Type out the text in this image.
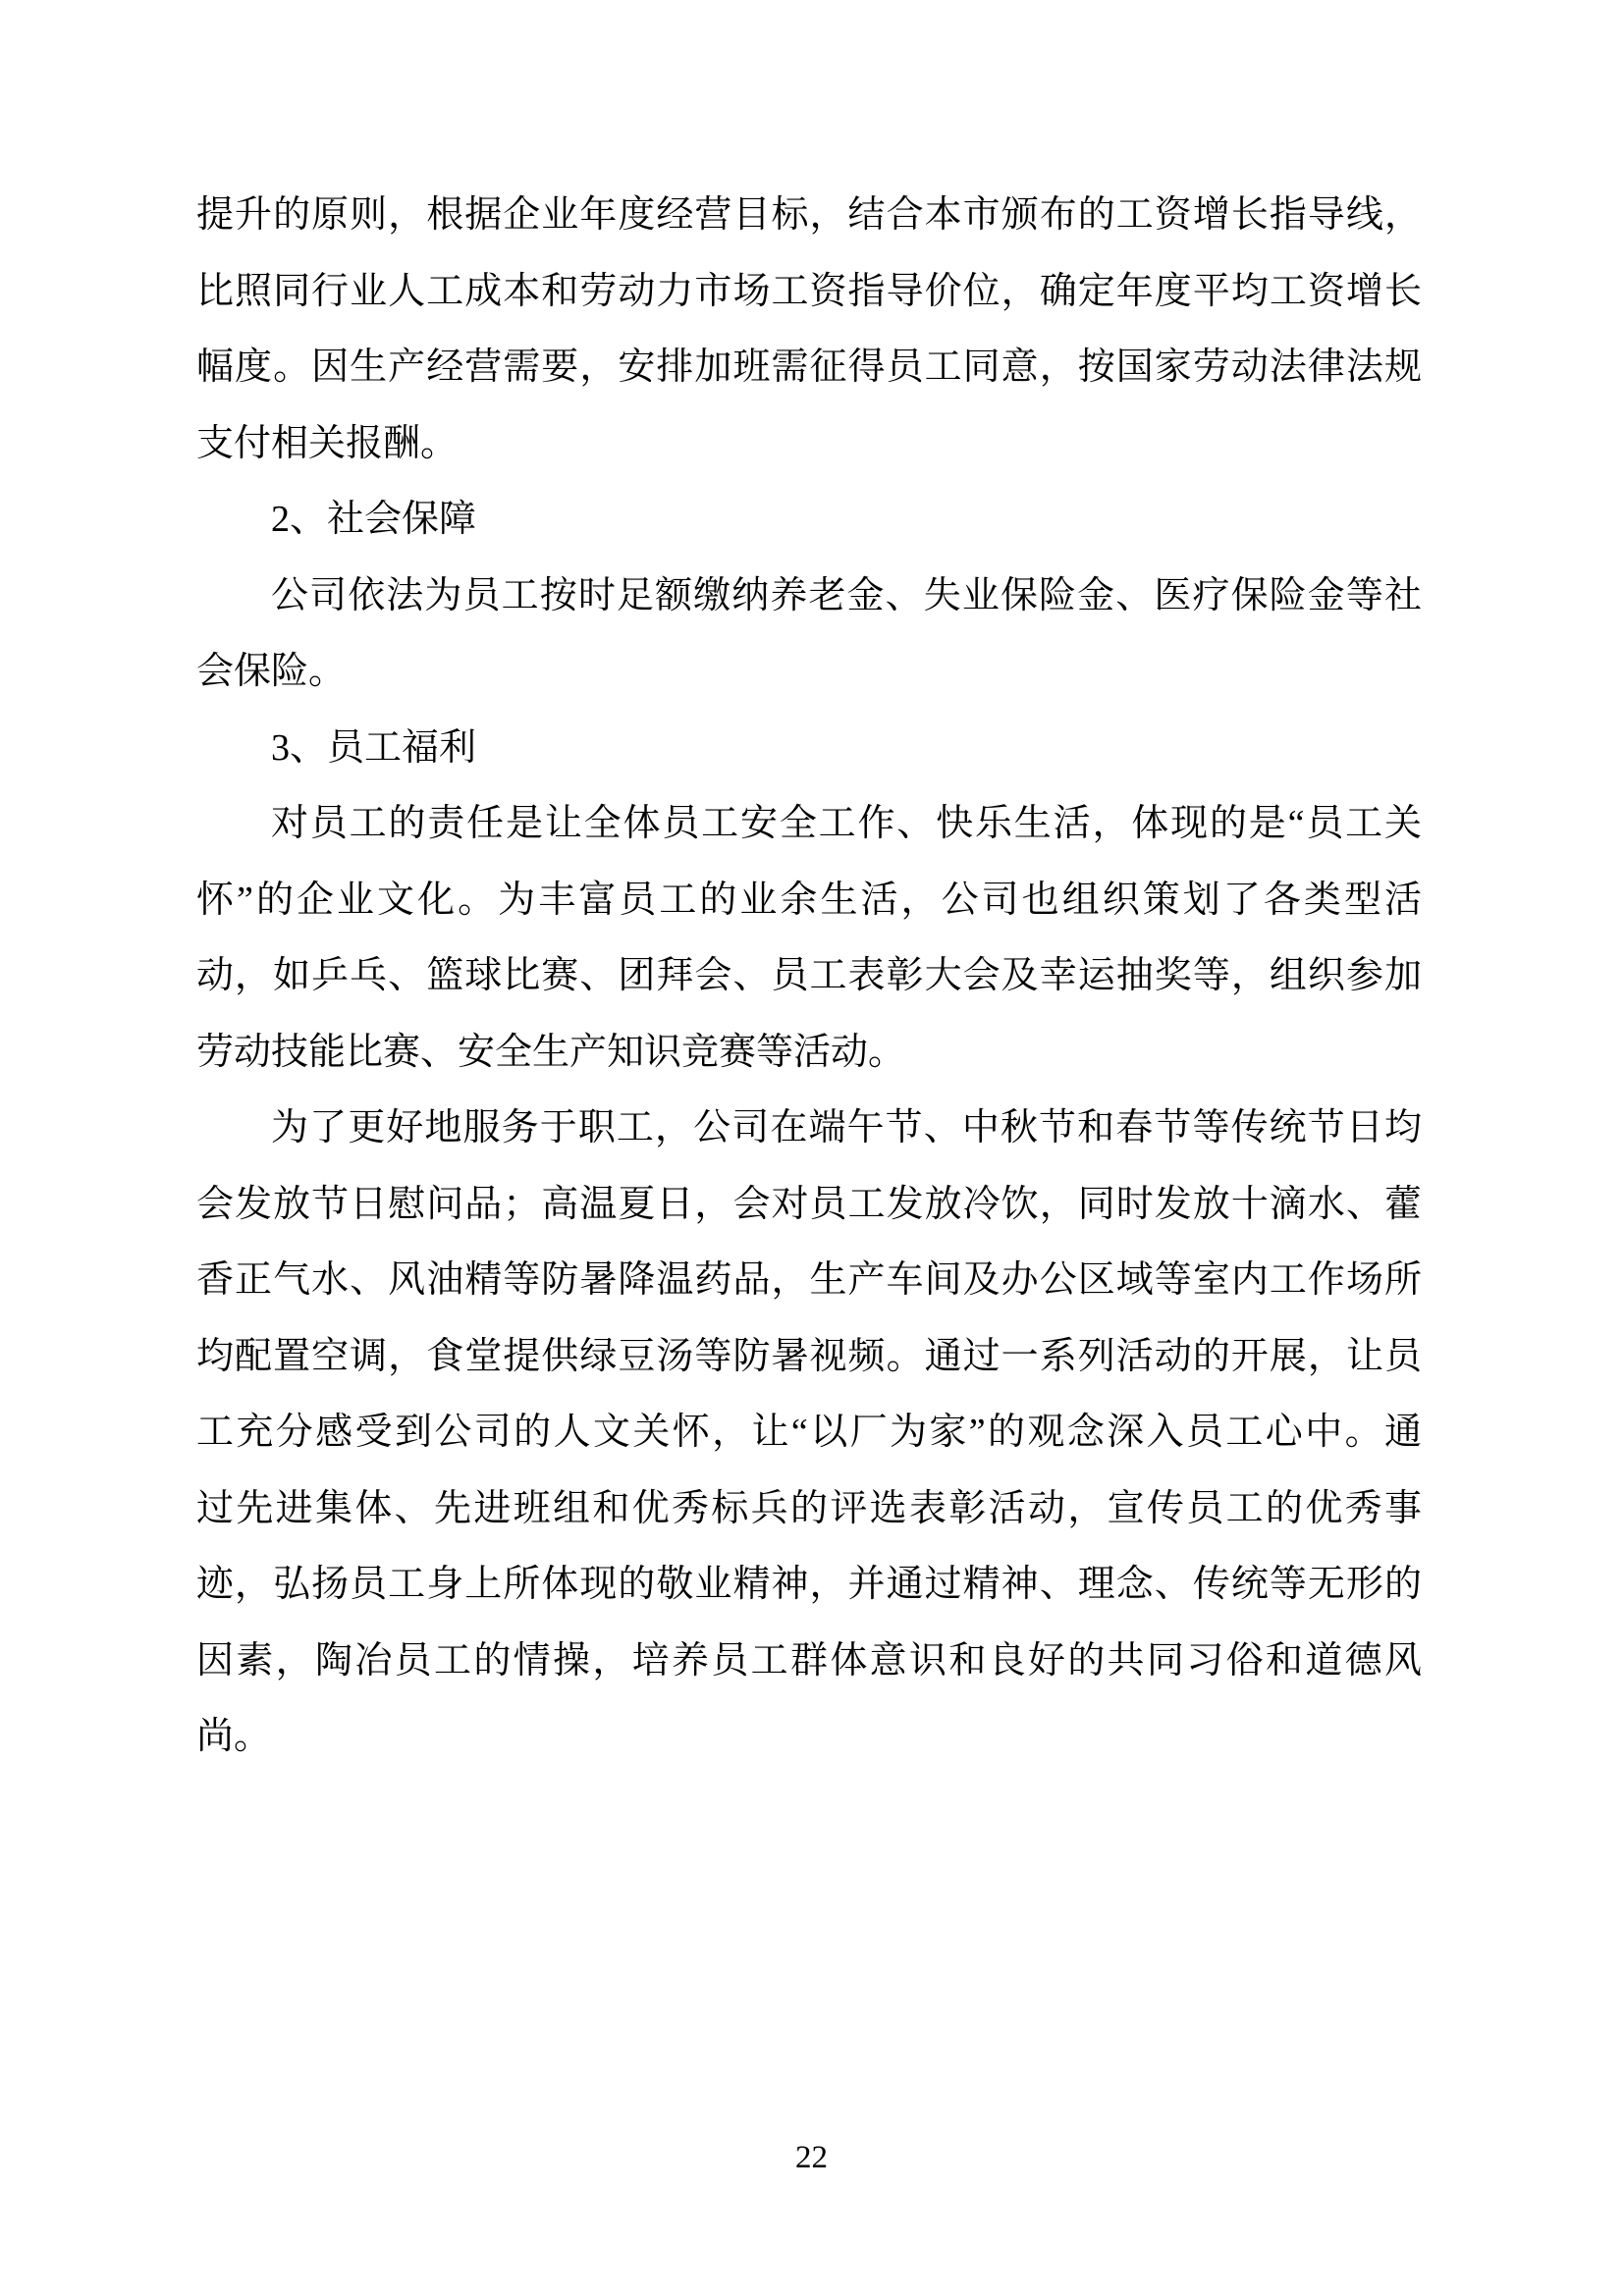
提升的原则，根据企业年度经营目标，结合本市颁布的工资增长指导线，

比照同行业人工成本和劳动力市场工资指导价位，确定年度平均工资增长

幅度。因生产经营需要，安排加班需征得员工同意，按国家劳动法律法规

支付相关报酬。

2、社会保障

公司依法为员工按时足额缴纳养老金、失业保险金、医疗保险金等社

会保险。

3、员工福利

对员工的责任是让全体员工安全工作、快乐生活，体现的是“员工关

怀”的企业文化。为丰富员工的业余生活，公司也组织策划了各类型活

动，如乒乓、篮球比赛、团拜会、员工表彰大会及幸运抽奖等，组织参加

劳动技能比赛、安全生产知识竞赛等活动。

为了更好地服务于职工，公司在端午节、中秋节和春节等传统节日均

会发放节日慰问品；高温夏日，会对员工发放冷饮，同时发放十滴水、藿

香正气水、风油精等防暑降温药品，生产车间及办公区域等室内工作场所

均配置空调，食堂提供绿豆汤等防暑视频。通过一系列活动的开展，让员

工充分感受到公司的人文关怀，让“以厂为家”的观念深入员工心中。通

过先进集体、先进班组和优秀标兵的评选表彰活动，宣传员工的优秀事

迹，弘扬员工身上所体现的敬业精神，并通过精神、理念、传统等无形的

因素，陶冶员工的情操，培养员工群体意识和良好的共同习俗和道德风

尚。

22
